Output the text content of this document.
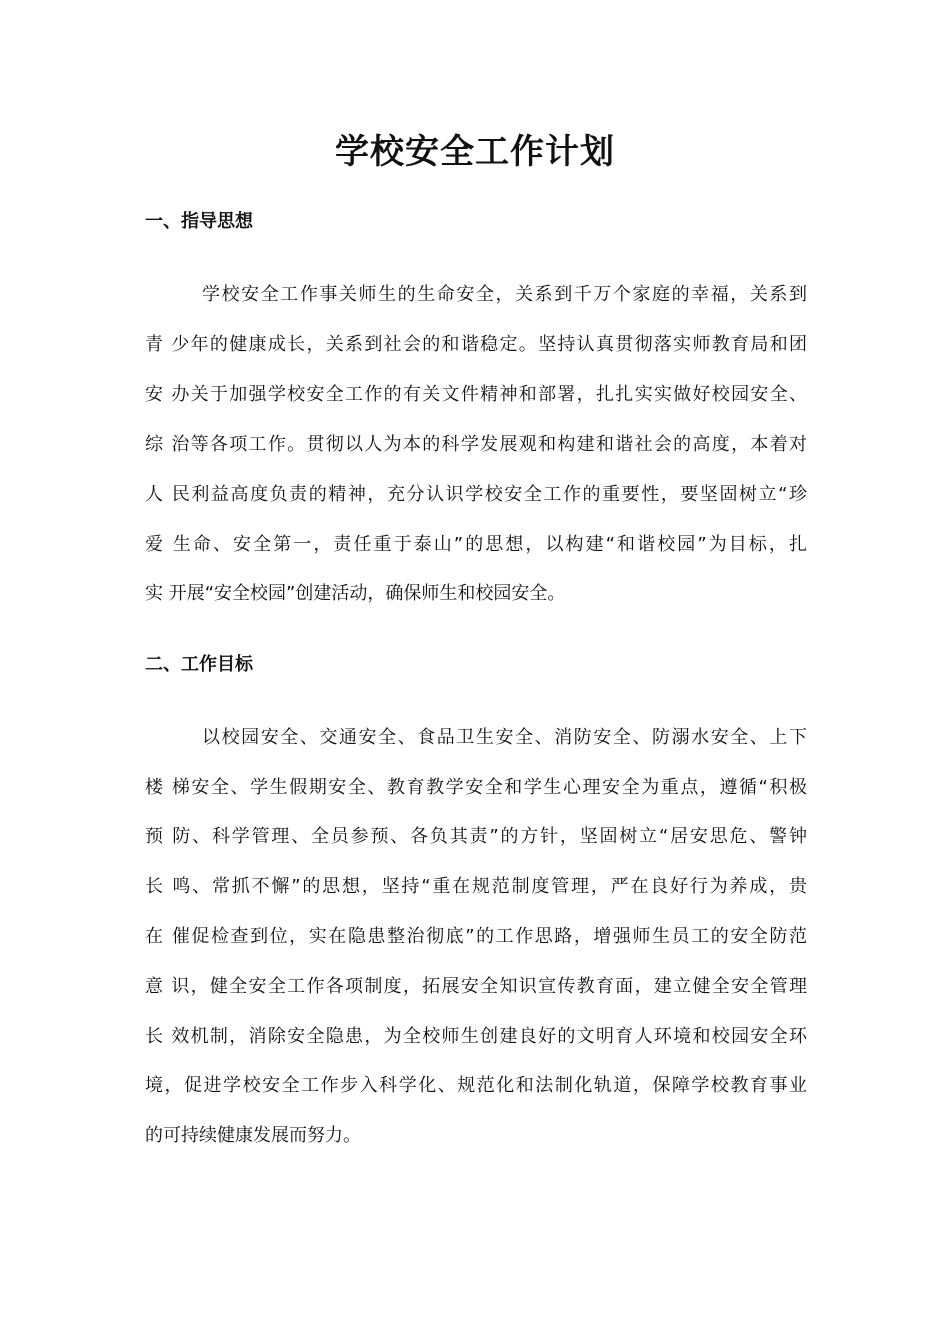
学校安全工作计划
一、指导思想
学校安全工作事关师生的生命安全，关系到千万个家庭的幸福，关系到
青 少年的健康成长，关系到社会的和谐稳定。坚持认真贯彻落实师教育局和团
安 办关于加强学校安全工作的有关文件精神和部署，扎扎实实做好校园安全、
综 治等各项工作。贯彻以人为本的科学发展观和构建和谐社会的高度，本着对
人 民利益高度负责的精神，充分认识学校安全工作的重要性，要坚固树立“珍
爱 生命、安全第一，责任重于泰山”的思想，以构建“和谐校园”为目标，扎
实 开展“安全校园”创建活动，确保师生和校园安全。
二、工作目标
以校园安全、交通安全、食品卫生安全、消防安全、防溺水安全、上下
楼 梯安全、学生假期安全、教育教学安全和学生心理安全为重点，遵循“积极
预 防、科学管理、全员参预、各负其责”的方针，坚固树立“居安思危、警钟
长 鸣、常抓不懈”的思想，坚持“重在规范制度管理，严在良好行为养成，贵
在 催促检查到位，实在隐患整治彻底”的工作思路，增强师生员工的安全防范
意 识，健全安全工作各项制度，拓展安全知识宣传教育面，建立健全安全管理
长 效机制，消除安全隐患，为全校师生创建良好的文明育人环境和校园安全环
境，促进学校安全工作步入科学化、规范化和法制化轨道，保障学校教育事业
的可持续健康发展而努力。
